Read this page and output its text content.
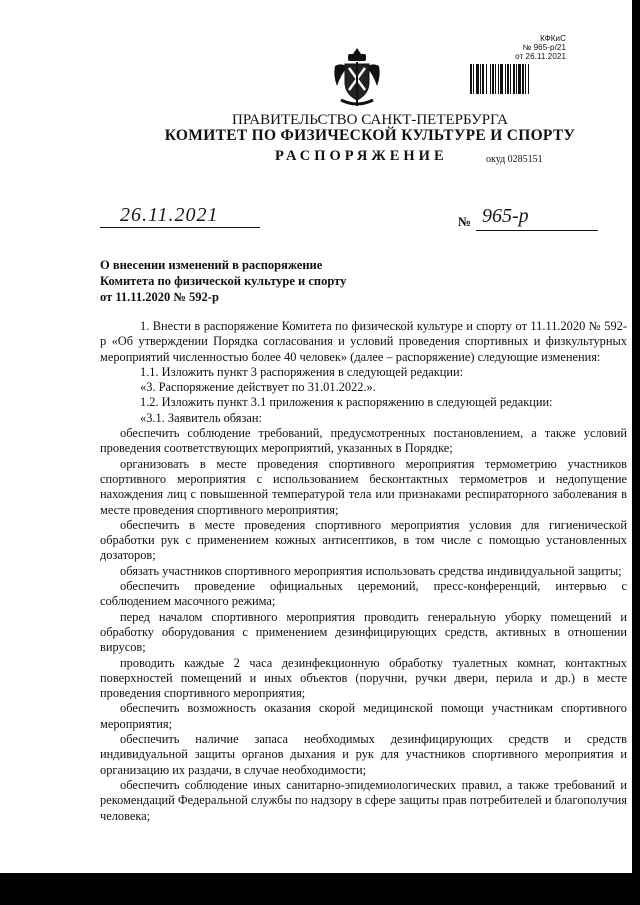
КФКиС
№ 965-р/21
от 26.11.2021
ПРАВИТЕЛЬСТВО САНКТ-ПЕТЕРБУРГА
КОМИТЕТ ПО ФИЗИЧЕСКОЙ КУЛЬТУРЕ И СПОРТУ
РАСПОРЯЖЕНИЕ	окуд 0285151
26.11.2021	№ 965-р
О внесении изменений в распоряжение
Комитета по физической культуре и спорту
от 11.11.2020 № 592-р

1. Внести в распоряжение Комитета по физической культуре и спорту от 11.11.2020 № 592-р «Об утверждении Порядка согласования и условий проведения спортивных и физкультурных мероприятий численностью более 40 человек» (далее – распоряжение) следующие изменения:

1.1. Изложить пункт 3 распоряжения в следующей редакции:

«3. Распоряжение действует по 31.01.2022.».

1.2. Изложить пункт 3.1 приложения к распоряжению в следующей редакции:

«3.1. Заявитель обязан:

обеспечить соблюдение требований, предусмотренных постановлением, а также условий проведения соответствующих мероприятий, указанных в Порядке;

организовать в месте проведения спортивного мероприятия термометрию участников спортивного мероприятия с использованием бесконтактных термометров и недопущение нахождения лиц с повышенной температурой тела или признаками респираторного заболевания в месте проведения спортивного мероприятия;

обеспечить в месте проведения спортивного мероприятия условия для гигиенической обработки рук с применением кожных антисептиков, в том числе с помощью установленных дозаторов;

обязать участников спортивного мероприятия использовать средства индивидуальной защиты;

обеспечить проведение официальных церемоний, пресс-конференций, интервью с соблюдением масочного режима;

перед началом спортивного мероприятия проводить генеральную уборку помещений и обработку оборудования с применением дезинфицирующих средств, активных в отношении вирусов;

проводить каждые 2 часа дезинфекционную обработку туалетных комнат, контактных поверхностей помещений и иных объектов (поручни, ручки двери, перила и др.) в месте проведения спортивного мероприятия;

обеспечить возможность оказания скорой медицинской помощи участникам спортивного мероприятия;

обеспечить наличие запаса необходимых дезинфицирующих средств и средств индивидуальной защиты органов дыхания и рук для участников спортивного мероприятия и организацию их раздачи, в случае необходимости;

обеспечить соблюдение иных санитарно-эпидемиологических правил, а также требований и рекомендаций Федеральной службы по надзору в сфере защиты прав потребителей и благополучия человека;
